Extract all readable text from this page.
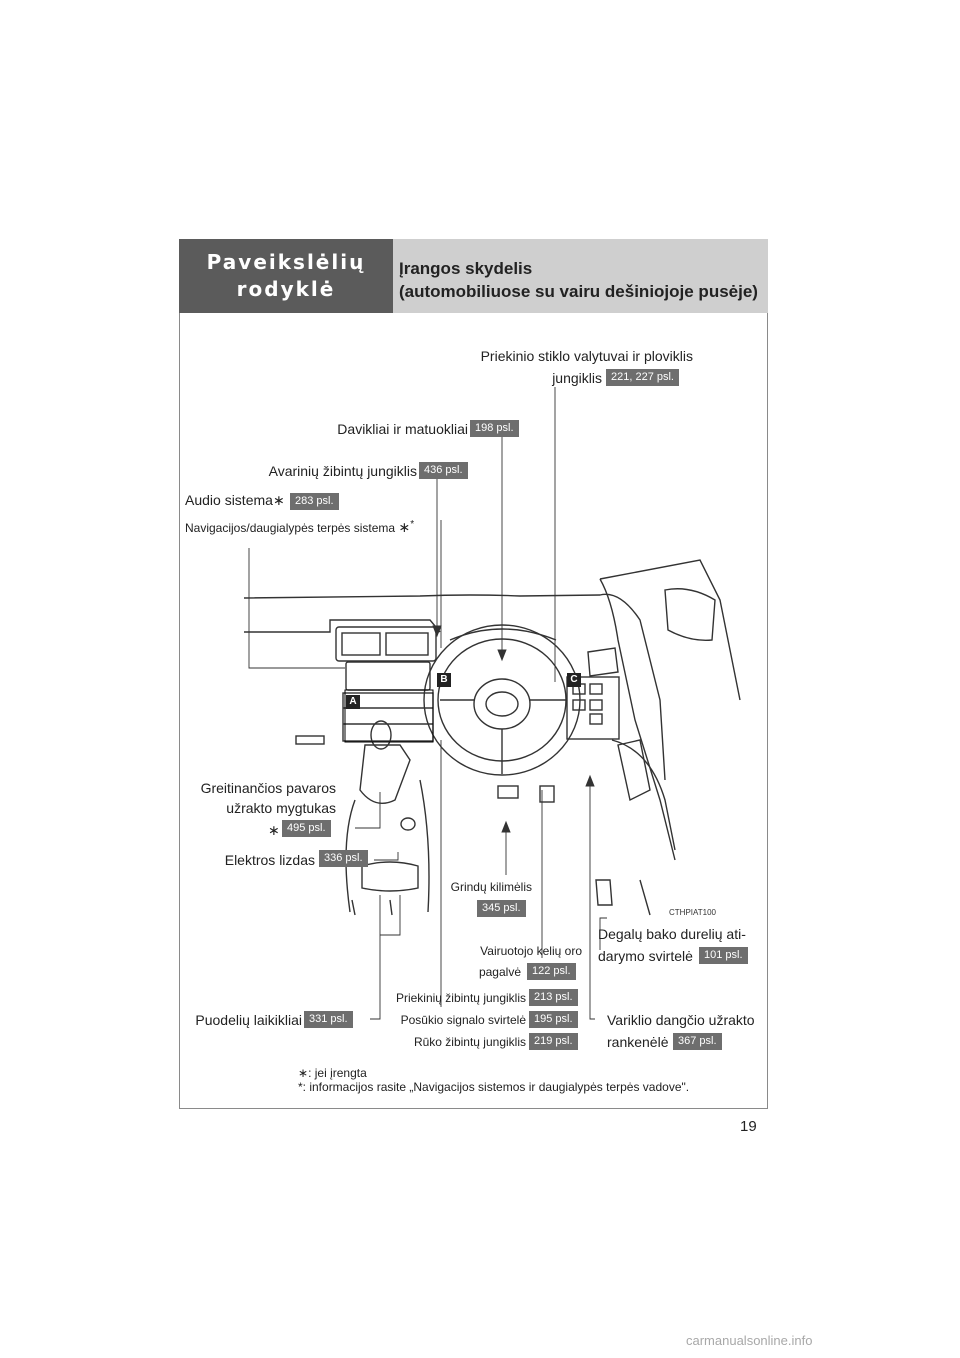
Paveikslėlių
rodyklė
Įrangos skydelis
(automobiliuose su vairu dešiniojoje pusėje)
A
B	C
CTHPIAT100
Priekinio stiklo valytuvai ir ploviklis
jungiklis 221, 227 psl.
Davikliai ir matuokliai 198 psl.
Avarinių žibintų jungiklis 436 psl.
Audio sistema∗ 283 psl.
Navigacijos/daugialypės terpės sistema ∗*
Greitinančios pavaros
užrakto mygtukas
∗ 495 psl.
Elektros lizdas 336 psl.
Grindų kilimėlis
345 psl.
Vairuotojo kelių oro
pagalvė	122 psl.
Degalų bako durelių ati-
darymo svirtelė	101 psl.
Puodelių laikikliai 331 psl.
Priekinių žibintų jungiklis 213 psl.
Posūkio signalo svirtelė 195 psl.
Rūko žibintų jungiklis 219 psl.
Variklio dangčio užrakto
rankenėlė 367 psl.
∗: jei įrengta
*: informacijos rasite „Navigacijos sistemos ir daugialypės terpės vadove".
19
carmanualsonline.info
